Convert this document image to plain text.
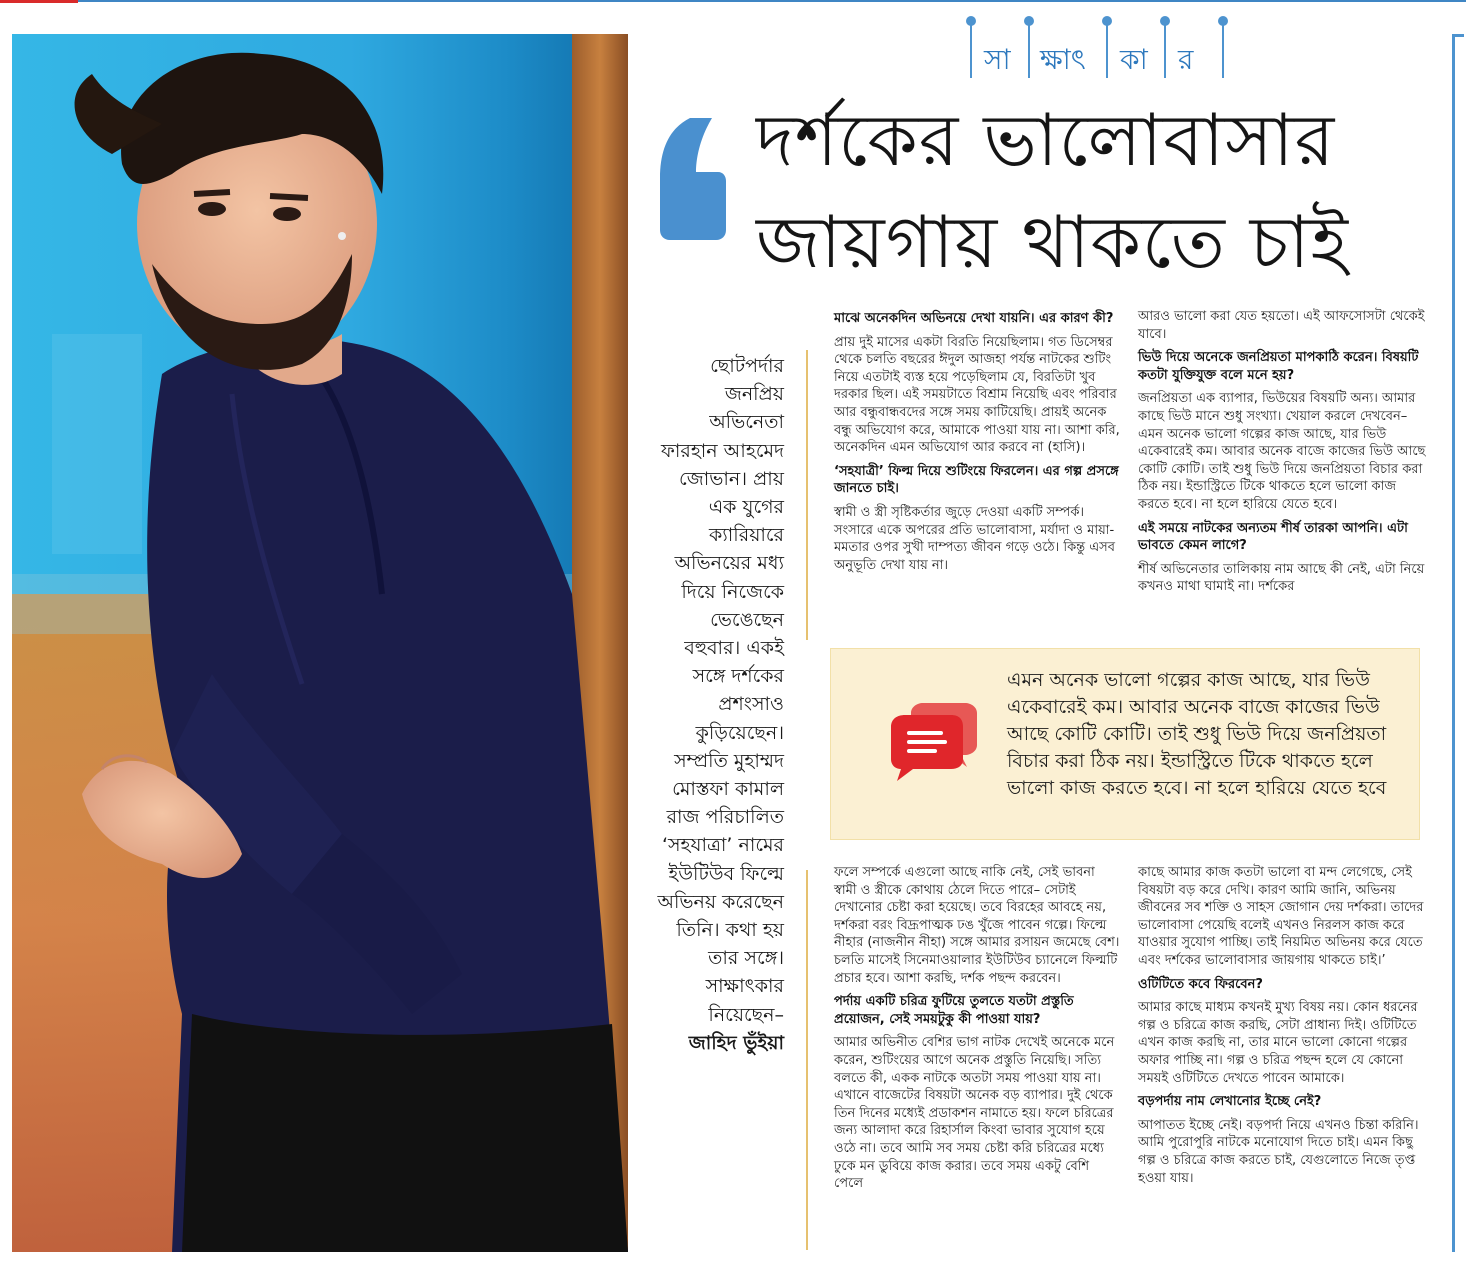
সা ক্ষাৎ কা র
দর্শকের ভালোবাসার
জায়গায় থাকতে চাই
ছোটপর্দার জনপ্রিয় অভিনেতা ফারহান আহমেদ জোভান। প্রায় এক যুগের ক্যারিয়ারে অভিনয়ের মধ্য দিয়ে নিজেকে ভেঙেছেন বহুবার। একই সঙ্গে দর্শকের প্রশংসাও কুড়িয়েছেন। সম্প্রতি মুহাম্মদ মোস্তফা কামাল রাজ পরিচালিত ‘সহযাত্রা’ নামের ইউটিউব ফিল্মে অভিনয় করেছেন তিনি। কথা হয় তার সঙ্গে। সাক্ষাৎকার নিয়েছেন–
জাহিদ ভুঁইয়া

মাঝে অনেকদিন অভিনয়ে দেখা যায়নি। এর কারণ কী?

প্রায় দুই মাসের একটা বিরতি নিয়েছিলাম। গত ডিসেম্বর থেকে চলতি বছরের ঈদুল আজহা পর্যন্ত নাটকের শুটিং নিয়ে এতটাই ব্যস্ত হয়ে পড়েছিলাম যে, বিরতিটা খুব দরকার ছিল। এই সময়টাতে বিশ্রাম নিয়েছি এবং পরিবার আর বন্ধুবান্ধবদের সঙ্গে সময় কাটিয়েছি। প্রায়ই অনেক বন্ধু অভিযোগ করে, আমাকে পাওয়া যায় না। আশা করি, অনেকদিন এমন অভিযোগ আর করবে না (হাসি)।

‘সহযাত্রী’ ফিল্ম দিয়ে শুটিংয়ে ফিরলেন। এর গল্প প্রসঙ্গে জানতে চাই।

স্বামী ও স্ত্রী সৃষ্টিকর্তার জুড়ে দেওয়া একটি সম্পর্ক। সংসারে একে অপরের প্রতি ভালোবাসা, মর্যাদা ও মায়া-মমতার ওপর সুখী দাম্পত্য জীবন গড়ে ওঠে। কিন্তু এসব অনুভূতি দেখা যায় না।

আরও ভালো করা যেত হয়তো। এই আফসোসটা থেকেই যাবে।

ভিউ দিয়ে অনেকে জনপ্রিয়তা মাপকাঠি করেন। বিষয়টি কতটা যুক্তিযুক্ত বলে মনে হয়?

জনপ্রিয়তা এক ব্যাপার, ভিউয়ের বিষয়টি অন্য। আমার কাছে ভিউ মানে শুধু সংখ্যা। খেয়াল করলে দেখবেন– এমন অনেক ভালো গল্পের কাজ আছে, যার ভিউ একেবারেই কম। আবার অনেক বাজে কাজের ভিউ আছে কোটি কোটি। তাই শুধু ভিউ দিয়ে জনপ্রিয়তা বিচার করা ঠিক নয়। ইন্ডাস্ট্রিতে টিকে থাকতে হলে ভালো কাজ করতে হবে। না হলে হারিয়ে যেতে হবে।

এই সময়ে নাটকের অন্যতম শীর্ষ তারকা আপনি। এটা ভাবতে কেমন লাগে?

শীর্ষ অভিনেতার তালিকায় নাম আছে কী নেই, এটা নিয়ে কখনও মাথা ঘামাই না। দর্শকের

এমন অনেক ভালো গল্পের কাজ আছে, যার ভিউ একেবারেই কম। আবার অনেক বাজে কাজের ভিউ আছে কোটি কোটি। তাই শুধু ভিউ দিয়ে জনপ্রিয়তা বিচার করা ঠিক নয়। ইন্ডাস্ট্রিতে টিকে থাকতে হলে ভালো কাজ করতে হবে। না হলে হারিয়ে যেতে হবে

ফলে সম্পর্কে এগুলো আছে নাকি নেই, সেই ভাবনা স্বামী ও স্ত্রীকে কোথায় ঠেলে দিতে পারে– সেটাই দেখানোর চেষ্টা করা হয়েছে। তবে বিরহের আবহে নয়, দর্শকরা বরং বিদ্রূপাত্মক ঢঙ খুঁজে পাবেন গল্পে। ফিল্মে নীহার (নাজনীন নীহা) সঙ্গে আমার রসায়ন জমেছে বেশ। চলতি মাসেই সিনেমাওয়ালার ইউটিউব চ্যানেলে ফিল্মটি প্রচার হবে। আশা করছি, দর্শক পছন্দ করবেন।

পর্দায় একটি চরিত্র ফুটিয়ে তুলতে যতটা প্রস্তুতি প্রয়োজন, সেই সময়টুকু কী পাওয়া যায়?

আমার অভিনীত বেশির ভাগ নাটক দেখেই অনেকে মনে করেন, শুটিংয়ের আগে অনেক প্রস্তুতি নিয়েছি। সত্যি বলতে কী, একক নাটকে অতটা সময় পাওয়া যায় না। এখানে বাজেটের বিষয়টা অনেক বড় ব্যাপার। দুই থেকে তিন দিনের মধ্যেই প্রডাকশন নামাতে হয়। ফলে চরিত্রের জন্য আলাদা করে রিহার্সাল কিংবা ভাবার সুযোগ হয়ে ওঠে না। তবে আমি সব সময় চেষ্টা করি চরিত্রের মধ্যে ঢুকে মন ডুবিয়ে কাজ করার। তবে সময় একটু বেশি পেলে

কাছে আমার কাজ কতটা ভালো বা মন্দ লেগেছে, সেই বিষয়টা বড় করে দেখি। কারণ আমি জানি, অভিনয় জীবনের সব শক্তি ও সাহস জোগান দেয় দর্শকরা। তাদের ভালোবাসা পেয়েছি বলেই এখনও নিরলস কাজ করে যাওয়ার সুযোগ পাচ্ছি। তাই নিয়মিত অভিনয় করে যেতে এবং দর্শকের ভালোবাসার জায়গায় থাকতে চাই।’

ওটিটিতে কবে ফিরবেন?

আমার কাছে মাধ্যম কখনই মুখ্য বিষয় নয়। কোন ধরনের গল্প ও চরিত্রে কাজ করছি, সেটা প্রাধান্য দিই। ওটিটিতে এখন কাজ করছি না, তার মানে ভালো কোনো গল্পের অফার পাচ্ছি না। গল্প ও চরিত্র পছন্দ হলে যে কোনো সময়ই ওটিটিতে দেখতে পাবেন আমাকে।

বড়পর্দায় নাম লেখানোর ইচ্ছে নেই?

আপাতত ইচ্ছে নেই। বড়পর্দা নিয়ে এখনও চিন্তা করিনি। আমি পুরোপুরি নাটকে মনোযোগ দিতে চাই। এমন কিছু গল্প ও চরিত্রে কাজ করতে চাই, যেগুলোতে নিজে তৃপ্ত হওয়া যায়।
